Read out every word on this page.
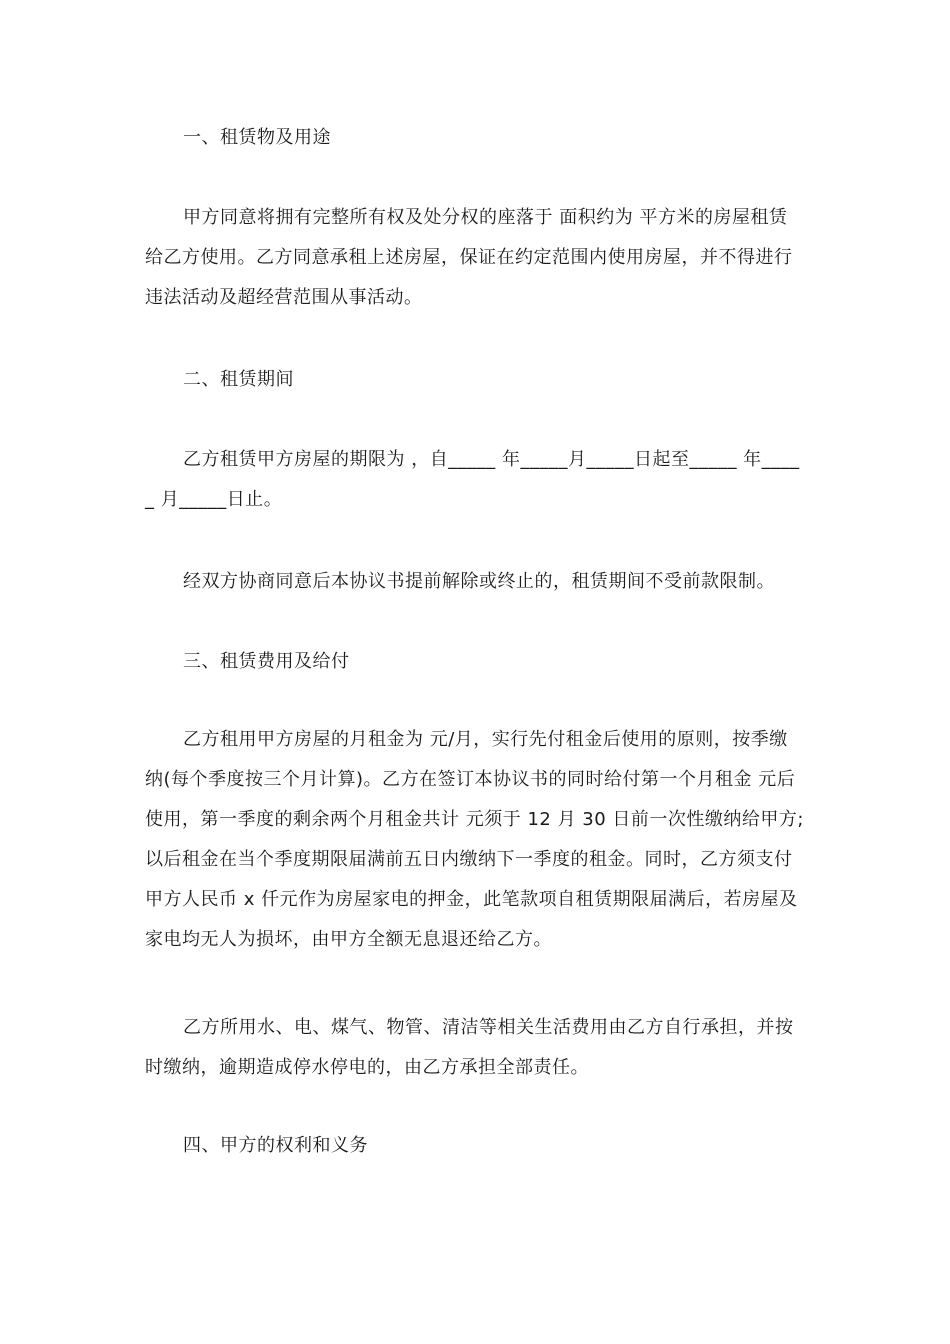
一、租赁物及用途

甲方同意将拥有完整所有权及处分权的座落于 面积约为 平方米的房屋租赁给乙方使用。乙方同意承租上述房屋，保证在约定范围内使用房屋，并不得进行违法活动及超经营范围从事活动。

二、租赁期间

乙方租赁甲方房屋的期限为 ，自_____ 年_____月_____日起至_____ 年_____ 月_____日止。

经双方协商同意后本协议书提前解除或终止的，租赁期间不受前款限制。

三、租赁费用及给付

乙方租用甲方房屋的月租金为 元/月，实行先付租金后使用的原则，按季缴纳(每个季度按三个月计算)。乙方在签订本协议书的同时给付第一个月租金 元后使用，第一季度的剩余两个月租金共计 元须于 12 月 30 日前一次性缴纳给甲方;以后租金在当个季度期限届满前五日内缴纳下一季度的租金。同时，乙方须支付甲方人民币 x 仟元作为房屋家电的押金，此笔款项自租赁期限届满后，若房屋及家电均无人为损坏，由甲方全额无息退还给乙方。

乙方所用水、电、煤气、物管、清洁等相关生活费用由乙方自行承担，并按时缴纳，逾期造成停水停电的，由乙方承担全部责任。

四、甲方的权利和义务
